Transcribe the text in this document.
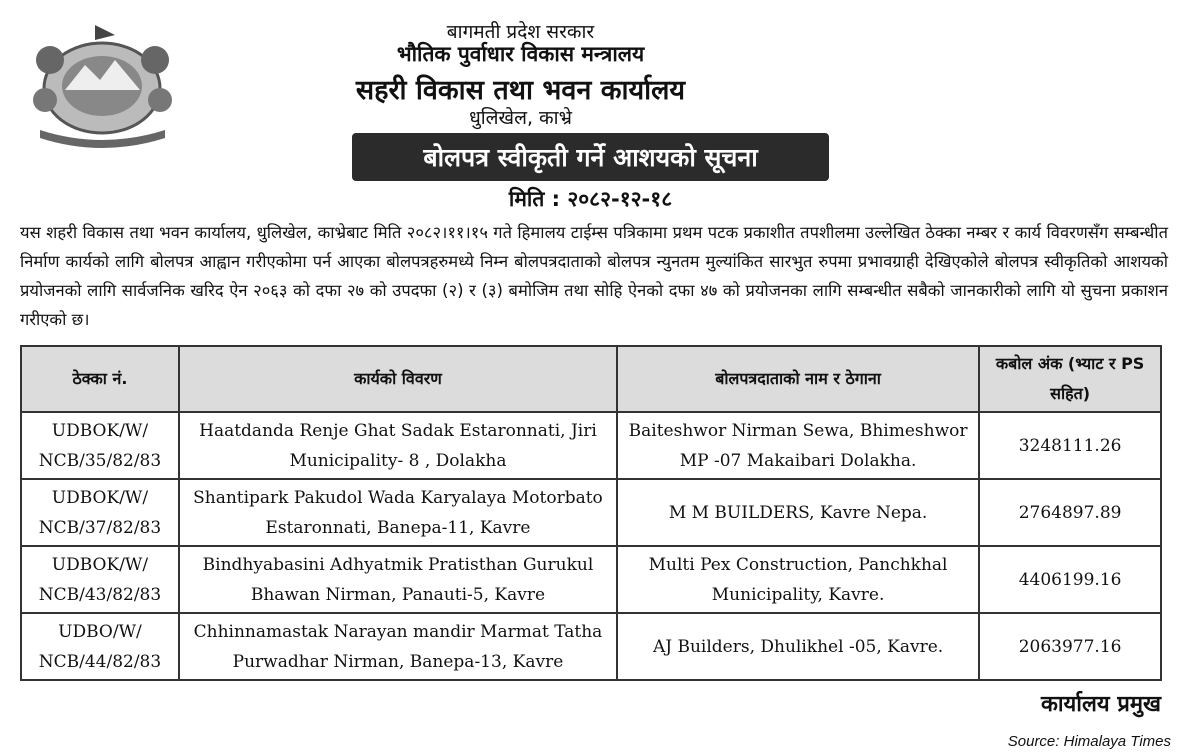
बागमती प्रदेश सरकार
भौतिक पुर्वाधार विकास मन्त्रालय
सहरी विकास तथा भवन कार्यालय
धुलिखेल, काभ्रे
बोलपत्र स्वीकृती गर्ने आशयको सूचना
मिति : २०८२-१२-१८
यस शहरी विकास तथा भवन कार्यालय, धुलिखेल, काभ्रेबाट मिति २०८२।११।१५ गते हिमालय टाईम्स पत्रिकामा प्रथम पटक प्रकाशीत तपशीलमा उल्लेखित ठेक्का नम्बर र कार्य विवरणसँग सम्बन्धीत निर्माण कार्यको लागि बोलपत्र आह्वान गरीएकोमा पर्न आएका बोलपत्रहरुमध्ये निम्न बोलपत्रदाताको बोलपत्र न्युनतम मुल्यांकित सारभुत रुपमा प्रभावग्राही देखिएकोले बोलपत्र स्वीकृतिको आशयको प्रयोजनको लागि सार्वजनिक खरिद ऐन २०६३ को दफा २७ को उपदफा (२) र (३) बमोजिम तथा सोहि ऐनको दफा ४७ को प्रयोजनका लागि सम्बन्धीत सबैको जानकारीको लागि यो सुचना प्रकाशन गरीएको छ।
ठेक्का नं.	कार्यको विवरण	बोलपत्रदाताको नाम र ठेगाना	कबोल अंक (भ्याट र PS सहित)
UDBOK/W/ NCB/35/82/83	Haatdanda Renje Ghat Sadak Estaronnati, Jiri Municipality- 8 , Dolakha	Baiteshwor Nirman Sewa, Bhimeshwor MP -07 Makaibari Dolakha.	3248111.26
UDBOK/W/ NCB/37/82/83	Shantipark Pakudol Wada Karyalaya Motorbato Estaronnati, Banepa-11, Kavre	M M BUILDERS, Kavre Nepa.	2764897.89
UDBOK/W/ NCB/43/82/83	Bindhyabasini Adhyatmik Pratisthan Gurukul Bhawan Nirman, Panauti-5, Kavre	Multi Pex Construction, Panchkhal Municipality, Kavre.	4406199.16
UDBO/W/ NCB/44/82/83	Chhinnamastak Narayan mandir Marmat Tatha Purwadhar Nirman, Banepa-13, Kavre	AJ Builders, Dhulikhel -05, Kavre.	2063977.16
कार्यालय प्रमुख
Source: Himalaya Times
